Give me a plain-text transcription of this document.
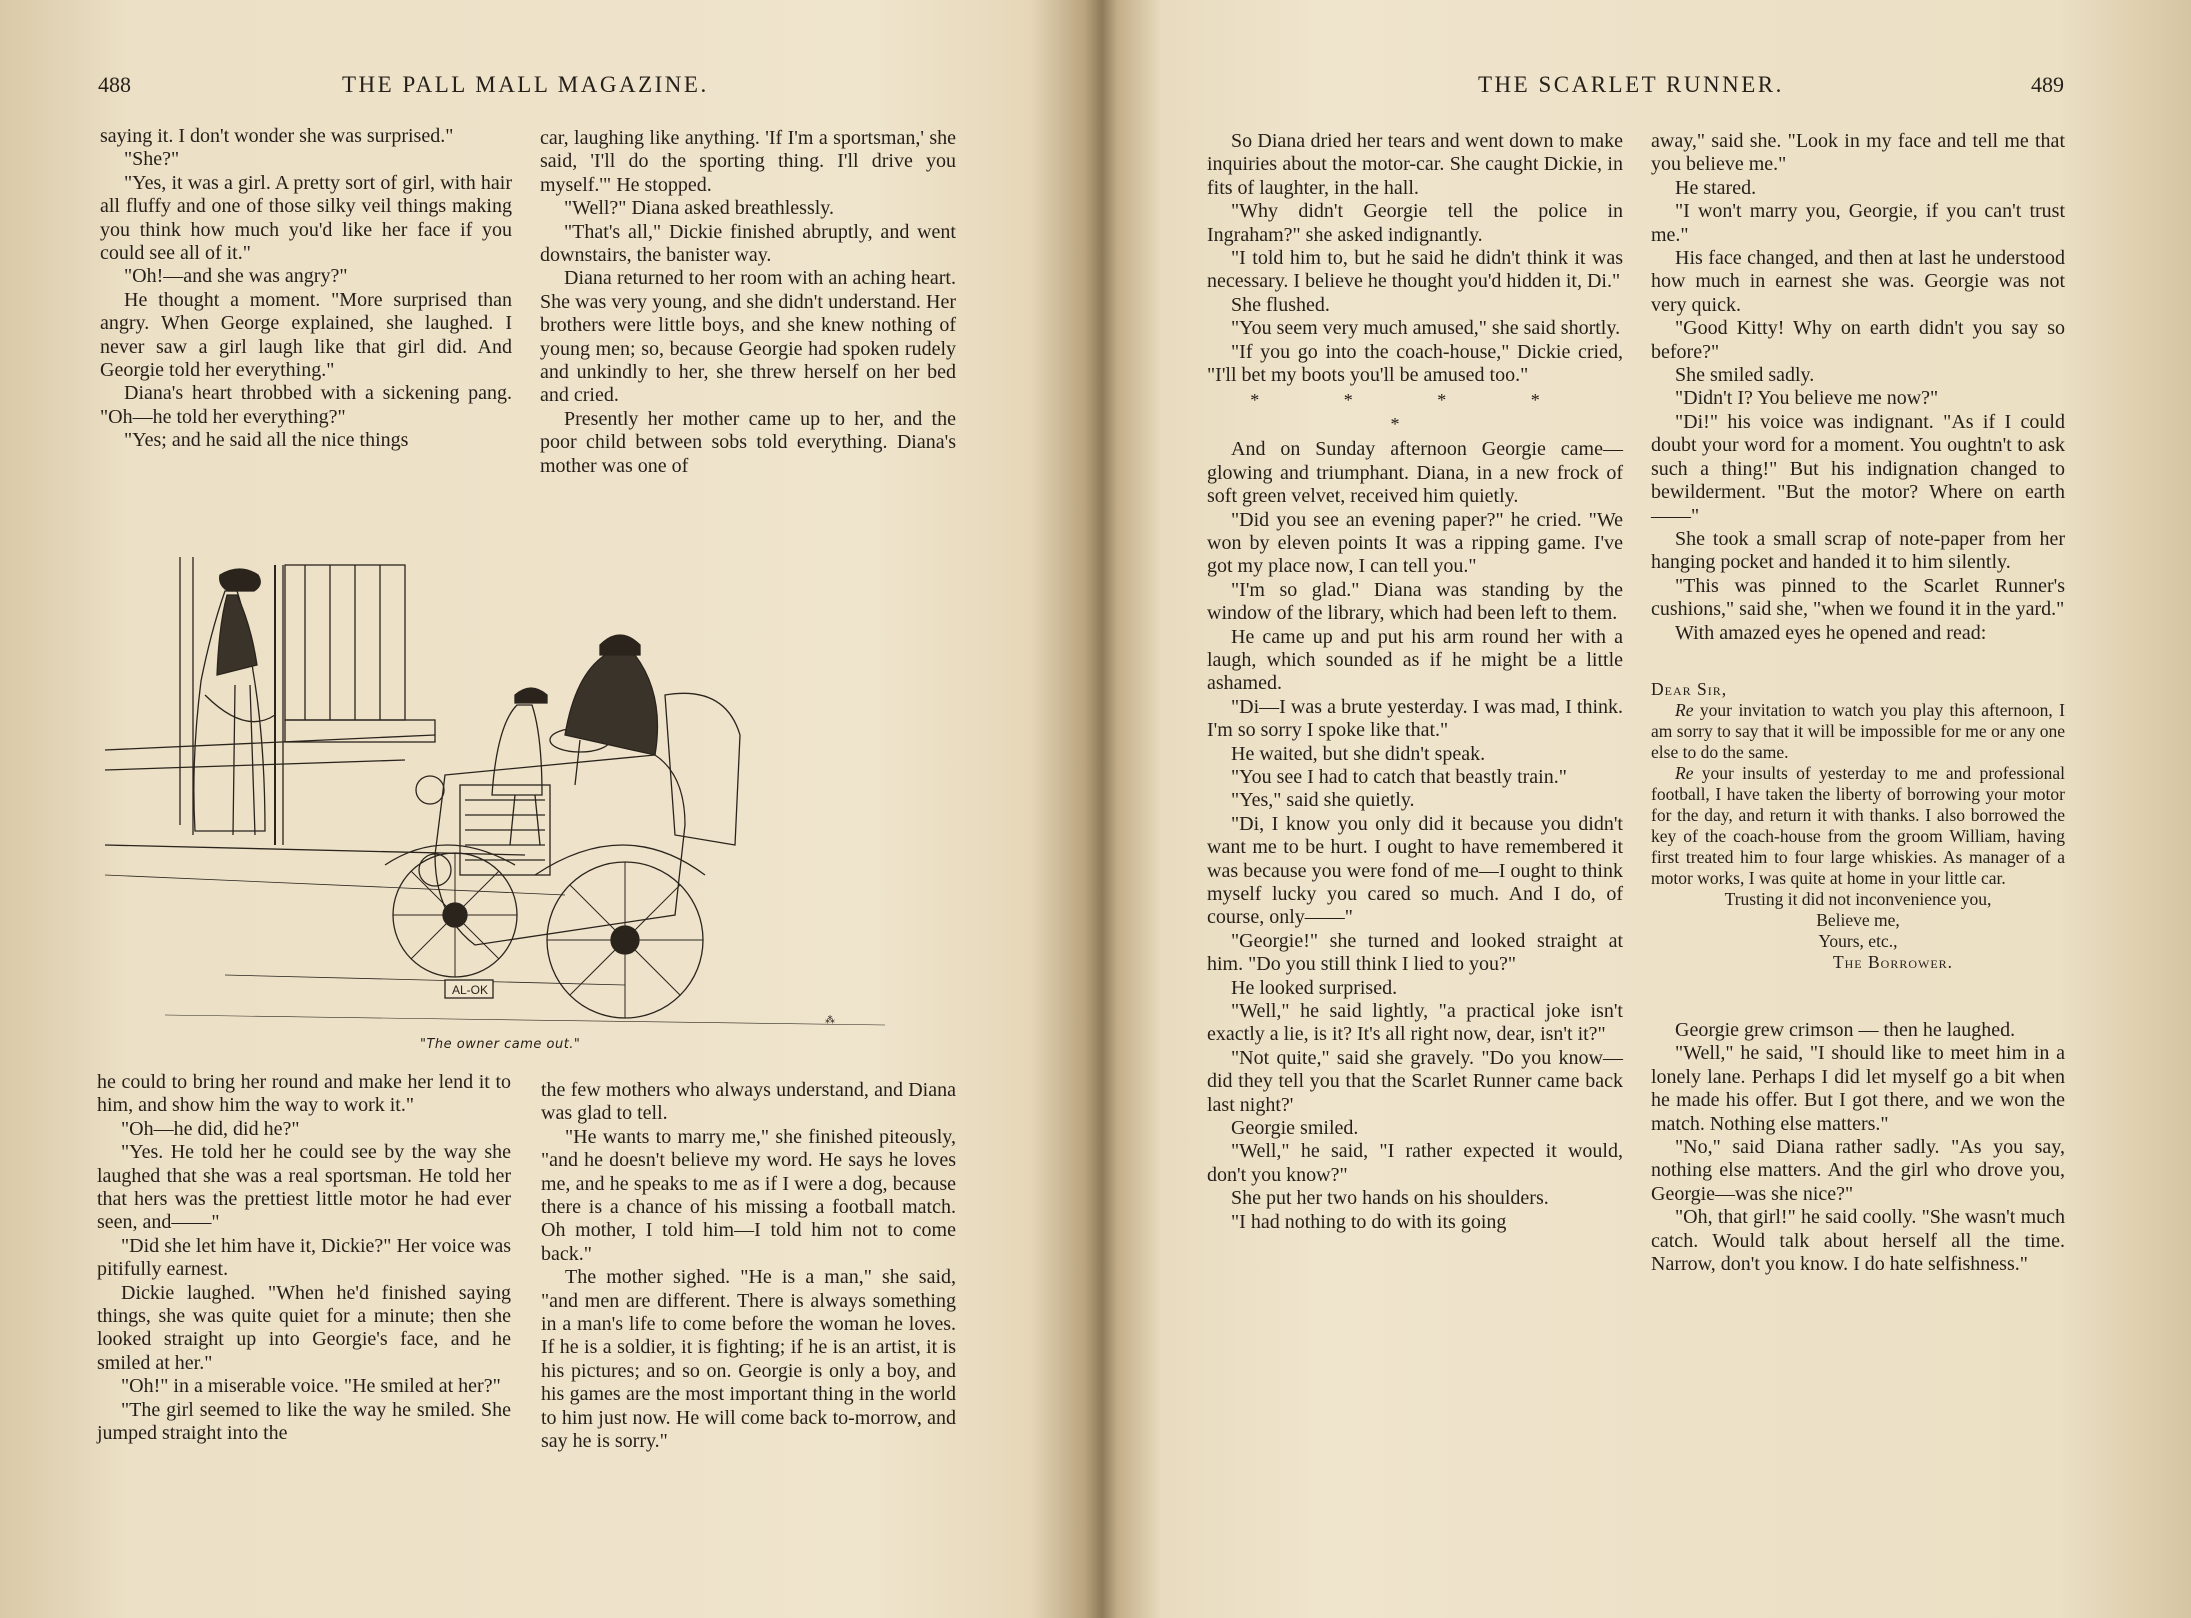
488	THE PALL MALL MAGAZINE.

saying it. I don't wonder she was surprised."

"She?"

"Yes, it was a girl. A pretty sort of girl, with hair all fluffy and one of those silky veil things making you think how much you'd like her face if you could see all of it."

"Oh!—and she was angry?"

He thought a moment. "More surprised than angry. When George explained, she laughed. I never saw a girl laugh like that girl did. And Georgie told her everything."

Diana's heart throbbed with a sickening pang. "Oh—he told her everything?"

"Yes; and he said all the nice things

car, laughing like anything. 'If I'm a sportsman,' she said, 'I'll do the sporting thing. I'll drive you myself.'" He stopped.

"Well?" Diana asked breathlessly.

"That's all," Dickie finished abruptly, and went downstairs, the banister way.

Diana returned to her room with an aching heart. She was very young, and she didn't understand. Her brothers were little boys, and she knew nothing of young men; so, because Georgie had spoken rudely and unkindly to her, she threw herself on her bed and cried.

Presently her mother came up to her, and the poor child between sobs told everything. Diana's mother was one of

AL-OK
⁂
"The owner came out."

he could to bring her round and make her lend it to him, and show him the way to work it."

"Oh—he did, did he?"

"Yes. He told her he could see by the way she laughed that she was a real sportsman. He told her that hers was the prettiest little motor he had ever seen, and——"

"Did she let him have it, Dickie?" Her voice was pitifully earnest.

Dickie laughed. "When he'd finished saying things, she was quite quiet for a minute; then she looked straight up into Georgie's face, and he smiled at her."

"Oh!" in a miserable voice. "He smiled at her?"

"The girl seemed to like the way he smiled. She jumped straight into the

the few mothers who always understand, and Diana was glad to tell.

"He wants to marry me," she finished piteously, "and he doesn't believe my word. He says he loves me, and he speaks to me as if I were a dog, because there is a chance of his missing a football match. Oh mother, I told him—I told him not to come back."

The mother sighed. "He is a man," she said, "and men are different. There is always something in a man's life to come before the woman he loves. If he is a soldier, it is fighting; if he is an artist, it is his pictures; and so on. Georgie is only a boy, and his games are the most important thing in the world to him just now. He will come back to-morrow, and say he is sorry."

THE SCARLET RUNNER.	489

So Diana dried her tears and went down to make inquiries about the motor-car. She caught Dickie, in fits of laughter, in the hall.

"Why didn't Georgie tell the police in Ingraham?" she asked indignantly.

"I told him to, but he said he didn't think it was necessary. I believe he thought you'd hidden it, Di."

She flushed.

"You seem very much amused," she said shortly.

"If you go into the coach-house," Dickie cried, "I'll bet my boots you'll be amused too."

* * * * *

And on Sunday afternoon Georgie came—glowing and triumphant. Diana, in a new frock of soft green velvet, received him quietly.

"Did you see an evening paper?" he cried. "We won by eleven points It was a ripping game. I've got my place now, I can tell you."

"I'm so glad." Diana was standing by the window of the library, which had been left to them.

He came up and put his arm round her with a laugh, which sounded as if he might be a little ashamed.

"Di—I was a brute yesterday. I was mad, I think. I'm so sorry I spoke like that."

He waited, but she didn't speak.

"You see I had to catch that beastly train."

"Yes," said she quietly.

"Di, I know you only did it because you didn't want me to be hurt. I ought to have remembered it was because you were fond of me—I ought to think myself lucky you cared so much. And I do, of course, only——"

"Georgie!" she turned and looked straight at him. "Do you still think I lied to you?"

He looked surprised.

"Well," he said lightly, "a practical joke isn't exactly a lie, is it? It's all right now, dear, isn't it?"

"Not quite," said she gravely. "Do you know—did they tell you that the Scarlet Runner came back last night?'

Georgie smiled.

"Well," he said, "I rather expected it would, don't you know?"

She put her two hands on his shoulders.

"I had nothing to do with its going

away," said she. "Look in my face and tell me that you believe me."

He stared.

"I won't marry you, Georgie, if you can't trust me."

His face changed, and then at last he understood how much in earnest she was. Georgie was not very quick.

"Good Kitty! Why on earth didn't you say so before?"

She smiled sadly.

"Didn't I? You believe me now?"

"Di!" his voice was indignant. "As if I could doubt your word for a moment. You oughtn't to ask such a thing!" But his indignation changed to bewilderment. "But the motor? Where on earth——"

She took a small scrap of note-paper from her hanging pocket and handed it to him silently.

"This was pinned to the Scarlet Runner's cushions," said she, "when we found it in the yard."

With amazed eyes he opened and read:

Dear Sir,

Re your invitation to watch you play this afternoon, I am sorry to say that it will be impossible for me or any one else to do the same.

Re your insults of yesterday to me and professional football, I have taken the liberty of borrowing your motor for the day, and return it with thanks. I also borrowed the key of the coach-house from the groom William, having first treated him to four large whiskies. As manager of a motor works, I was quite at home in your little car.

Trusting it did not inconvenience you,

Believe me,

Yours, etc.,

The Borrower.

Georgie grew crimson — then he laughed.

"Well," he said, "I should like to meet him in a lonely lane. Perhaps I did let myself go a bit when he made his offer. But I got there, and we won the match. Nothing else matters."

"No," said Diana rather sadly. "As you say, nothing else matters. And the girl who drove you, Georgie—was she nice?"

"Oh, that girl!" he said coolly. "She wasn't much catch. Would talk about herself all the time. Narrow, don't you know. I do hate selfishness."
